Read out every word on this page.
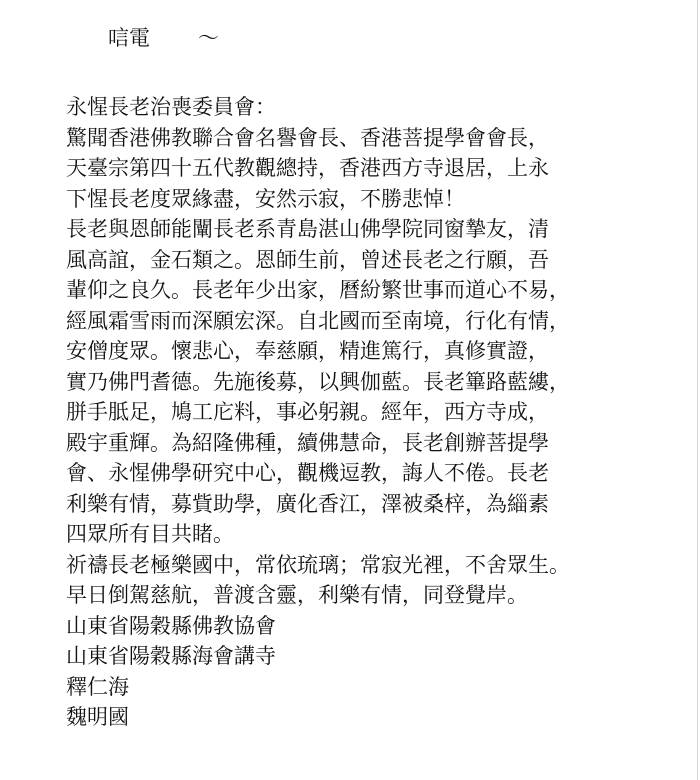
唁電 ～
永惺長老治喪委員會：
驚聞香港佛教聯合會名譽會長、香港菩提學會會長，
天臺宗第四十五代教觀總持，香港西方寺退居，上永
下惺長老度眾緣盡，安然示寂，不勝悲悼！
長老與恩師能闡長老系青島湛山佛學院同窗摯友，清
風高誼，金石類之。恩師生前，曾述長老之行願，吾
輩仰之良久。長老年少出家，曆紛繁世事而道心不易，
經風霜雪雨而深願宏深。自北國而至南境，行化有情，
安僧度眾。懷悲心，奉慈願，精進篤行，真修實證，
實乃佛門耆德。先施後募，以興伽藍。長老篳路藍縷，
胼手胝足，鳩工庀料，事必躬親。經年，西方寺成，
殿宇重輝。為紹隆佛種，續佛慧命，長老創辦菩提學
會、永惺佛學研究中心，觀機逗教，誨人不倦。長老
利樂有情，募貲助學，廣化香江，澤被桑梓，為緇素
四眾所有目共睹。
祈禱長老極樂國中，常依琉璃；常寂光裡，不舍眾生。
早日倒駕慈航，普渡含靈，利樂有情，同登覺岸。
山東省陽穀縣佛教協會
山東省陽穀縣海會講寺
釋仁海
魏明國
